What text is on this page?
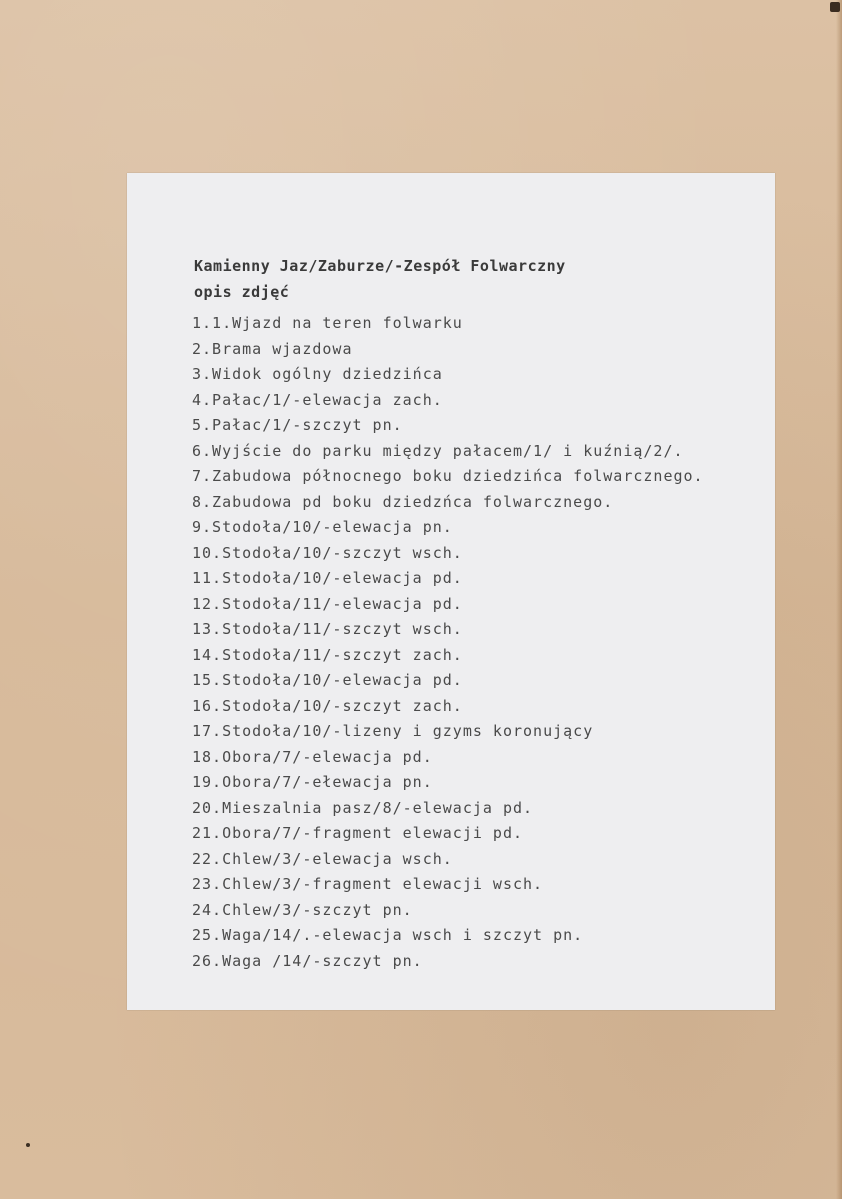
Kamienny Jaz/Zaburze/-Zespół Folwarczny
opis zdjęć
1.1.Wjazd na teren folwarku
2.Brama wjazdowa
3.Widok ogólny dziedzińca
4.Pałac/1/-elewacja zach.
5.Pałac/1/-szczyt pn.
6.Wyjście do parku między pałacem/1/ i kuźnią/2/.
7.Zabudowa północnego boku dziedzińca folwarcznego.
8.Zabudowa pd boku dziedzńca folwarcznego.
9.Stodoła/10/-elewacja pn.
10.Stodoła/10/-szczyt wsch.
11.Stodoła/10/-elewacja pd.
12.Stodoła/11/-elewacja pd.
13.Stodoła/11/-szczyt wsch.
14.Stodoła/11/-szczyt zach.
15.Stodoła/10/-elewacja pd.
16.Stodoła/10/-szczyt zach.
17.Stodoła/10/-lizeny i gzyms koronujący
18.Obora/7/-elewacja pd.
19.Obora/7/-ełewacja pn.
20.Mieszalnia pasz/8/-elewacja pd.
21.Obora/7/-fragment elewacji pd.
22.Chlew/3/-elewacja wsch.
23.Chlew/3/-fragment elewacji wsch.
24.Chlew/3/-szczyt pn.
25.Waga/14/.-elewacja wsch i szczyt pn.
26.Waga /14/-szczyt pn.
